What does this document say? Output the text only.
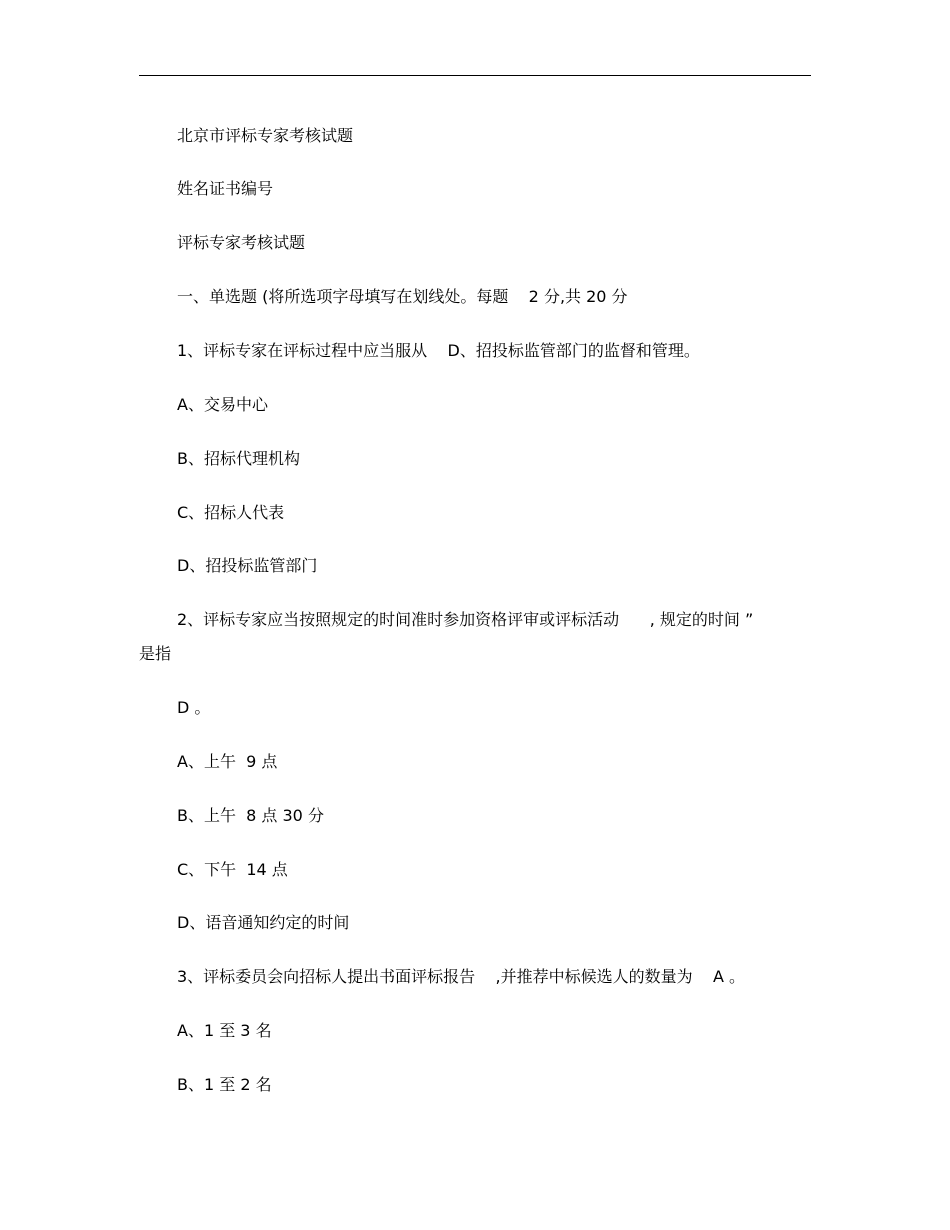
北京市评标专家考核试题
姓名证书编号
评标专家考核试题
一、单选题 (将所选项字母填写在划线处。每题    2 分,共 20 分
1、评标专家在评标过程中应当服从    D、招投标监管部门的监督和管理。
A、交易中心
B、招标代理机构
C、招标人代表
D、招投标监管部门
2、评标专家应当按照规定的时间准时参加资格评审或评标活动      , 规定的时间 ”
是指
D 。
A、上午  9 点
B、上午  8 点 30 分
C、下午  14 点
D、语音通知约定的时间
3、评标委员会向招标人提出书面评标报告    ,并推荐中标候选人的数量为    A 。
A、1 至 3 名
B、1 至 2 名
